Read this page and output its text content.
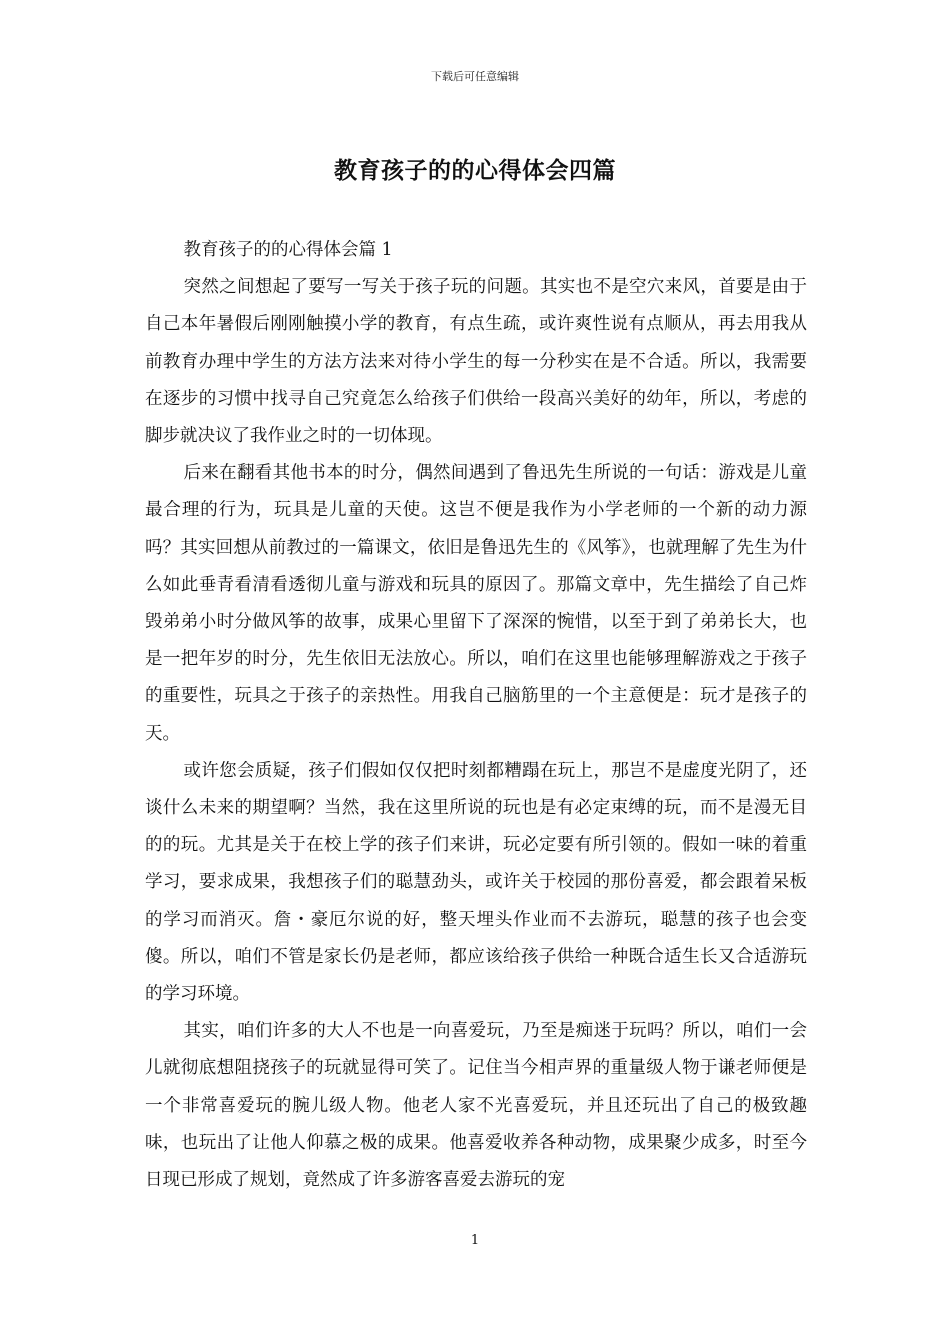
下载后可任意编辑
教育孩子的的心得体会四篇

教育孩子的的心得体会篇 1

突然之间想起了要写一写关于孩子玩的问题。其实也不是空穴来风，首要是由于自己本年暑假后刚刚触摸小学的教育，有点生疏，或许爽性说有点顺从，再去用我从前教育办理中学生的方法方法来对待小学生的每一分秒实在是不合适。所以，我需要在逐步的习惯中找寻自己究竟怎么给孩子们供给一段高兴美好的幼年，所以，考虑的脚步就决议了我作业之时的一切体现。

后来在翻看其他书本的时分，偶然间遇到了鲁迅先生所说的一句话：游戏是儿童最合理的行为，玩具是儿童的天使。这岂不便是我作为小学老师的一个新的动力源吗？其实回想从前教过的一篇课文，依旧是鲁迅先生的《风筝》，也就理解了先生为什么如此垂青看清看透彻儿童与游戏和玩具的原因了。那篇文章中，先生描绘了自己炸毁弟弟小时分做风筝的故事，成果心里留下了深深的惋惜，以至于到了弟弟长大，也是一把年岁的时分，先生依旧无法放心。所以，咱们在这里也能够理解游戏之于孩子的重要性，玩具之于孩子的亲热性。用我自己脑筋里的一个主意便是：玩才是孩子的天。

或许您会质疑，孩子们假如仅仅把时刻都糟蹋在玩上，那岂不是虚度光阴了，还谈什么未来的期望啊？当然，我在这里所说的玩也是有必定束缚的玩，而不是漫无目的的玩。尤其是关于在校上学的孩子们来讲，玩必定要有所引领的。假如一味的着重学习，要求成果，我想孩子们的聪慧劲头，或许关于校园的那份喜爱，都会跟着呆板的学习而消灭。詹・豪厄尔说的好，整天埋头作业而不去游玩，聪慧的孩子也会变傻。所以，咱们不管是家长仍是老师，都应该给孩子供给一种既合适生长又合适游玩的学习环境。

其实，咱们许多的大人不也是一向喜爱玩，乃至是痴迷于玩吗？所以，咱们一会儿就彻底想阻挠孩子的玩就显得可笑了。记住当今相声界的重量级人物于谦老师便是一个非常喜爱玩的腕儿级人物。他老人家不光喜爱玩，并且还玩出了自己的极致趣味，也玩出了让他人仰慕之极的成果。他喜爱收养各种动物，成果聚少成多，时至今日现已形成了规划，竟然成了许多游客喜爱去游玩的宠

1
